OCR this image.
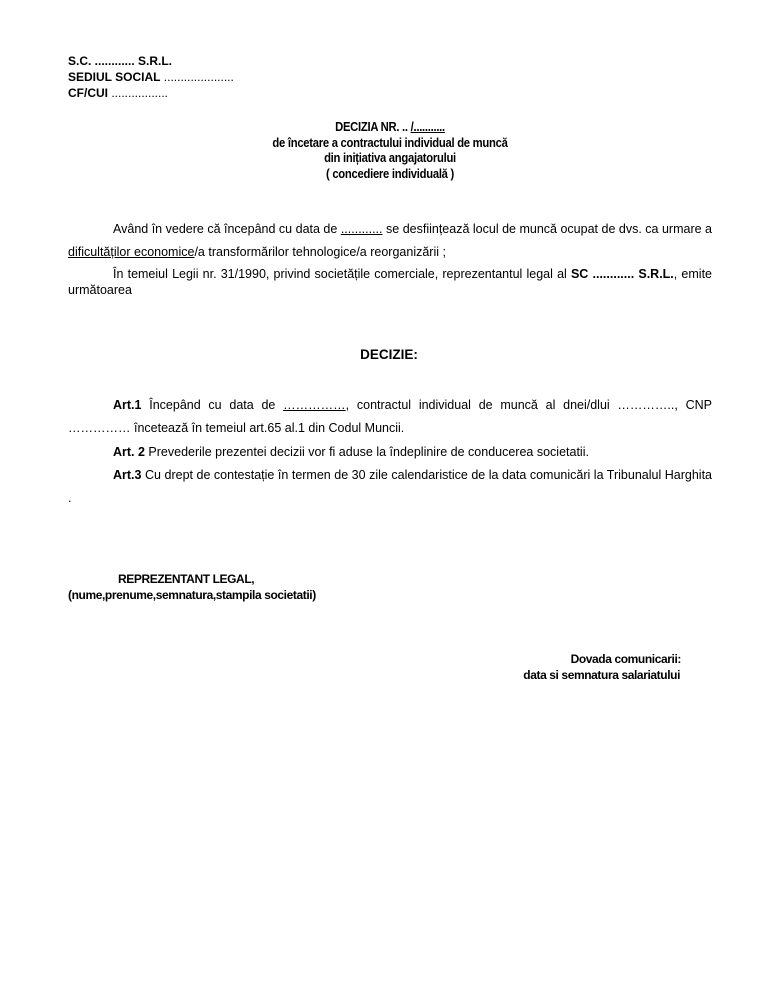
S.C. ............ S.R.L.
SEDIUL SOCIAL .....................
CF/CUI .................
DECIZIA NR. .. /...........
de încetare a contractului individual de muncă
din inițiativa angajatorului
( concediere individuală )
Având în vedere că începând cu data de ............ se desființează locul de muncă ocupat de dvs. ca urmare a dificultăților economice/a transformărilor tehnologice/a reorganizării ;
În temeiul Legii nr. 31/1990, privind societățile comerciale, reprezentantul legal al SC ............ S.R.L., emite următoarea
DECIZIE:
Art.1 Începând cu data de ……………, contractul individual de muncă al dnei/dlui ………….., CNP …………… încetează în temeiul art.65 al.1 din Codul Muncii.
Art. 2 Prevederile prezentei decizii vor fi aduse la îndeplinire de conducerea societatii.
Art.3 Cu drept de contestație în termen de 30 zile calendaristice de la data comunicări la Tribunalul Harghita .
REPREZENTANT LEGAL,
(nume,prenume,semnatura,stampila societatii)
Dovada comunicarii:
data si semnatura salariatului
